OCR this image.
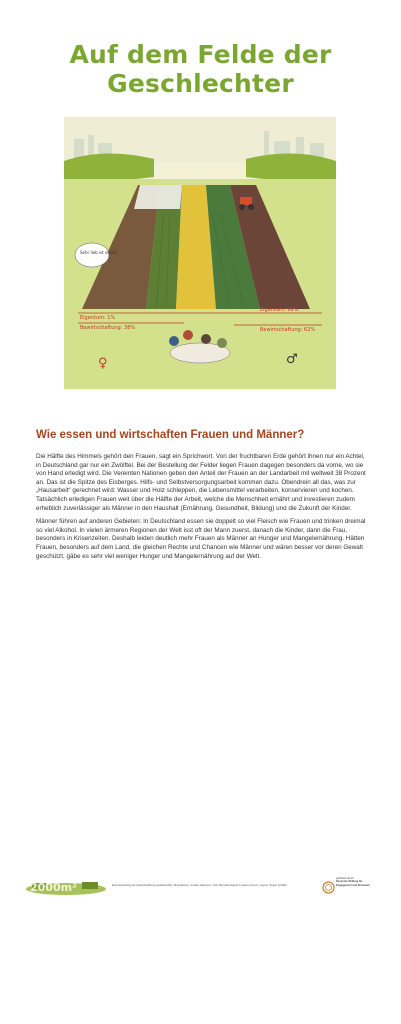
Auf dem Felde der Geschlechter
Eigentum: 1%
Bewirtschaftung: 38%
Eigentum: 99%
Bewirtschaftung: 62%
Sehr lieb ist sonst!
♀	♂
Wie essen und wirtschaften Frauen und Männer?

Die Hälfte des Himmels gehört den Frauen, sagt ein Sprichwort. Von der fruchtbaren Erde gehört ihnen nur ein Achtel, in Deutschland gar nur ein Zwölftel. Bei der Bestellung der Felder liegen Frauen dagegen besonders da vorne, wo sie von Hand erledigt wird. Die Vereinten Nationen geben den Anteil der Frauen an der Landarbeit mit weltweit 38 Prozent an. Das ist die Spitze des Eisberges. Hilfs- und Selbstversorgungsarbeit kommen dazu. Obendrein all das, was zur „Hausarbeit“ gerechnet wird: Wasser und Holz schleppen, die Lebensmittel verarbeiten, konservieren und kochen. Tatsächlich erledigen Frauen weit über die Hälfte der Arbeit, welche die Menschheit ernährt und investieren zudem erheblich zuverlässiger als Männer in den Haushalt (Ernährung, Gesundheit, Bildung) und die Zukunft der Kinder.

Männer führen auf anderen Gebieten: In Deutschland essen sie doppelt so viel Fleisch wie Frauen und trinken dreimal so viel Alkohol. In vielen ärmeren Regionen der Welt isst oft der Mann zuerst, danach die Kinder, dann die Frau, besonders in Krisenzeiten. Deshalb leiden deutlich mehr Frauen als Männer an Hunger und Mangelernährung. Hätten Frauen, besonders auf dem Land, die gleichen Rechte und Chancen wie Männer und wären besser vor deren Gewalt geschützt, gäbe es sehr viel weniger Hunger und Mangelernährung auf der Welt.

2000m²	Eine Ausstellung der Zukunftsstiftung Landwirtschaft | Illustrationen: Anneke Hartmann | Text: Benedikt Haerlin & Jasper Grimm | Layout: Jürgen Schäfer
gefördert durch
Deutsche Stiftung für Engagement und Ehrenamt
